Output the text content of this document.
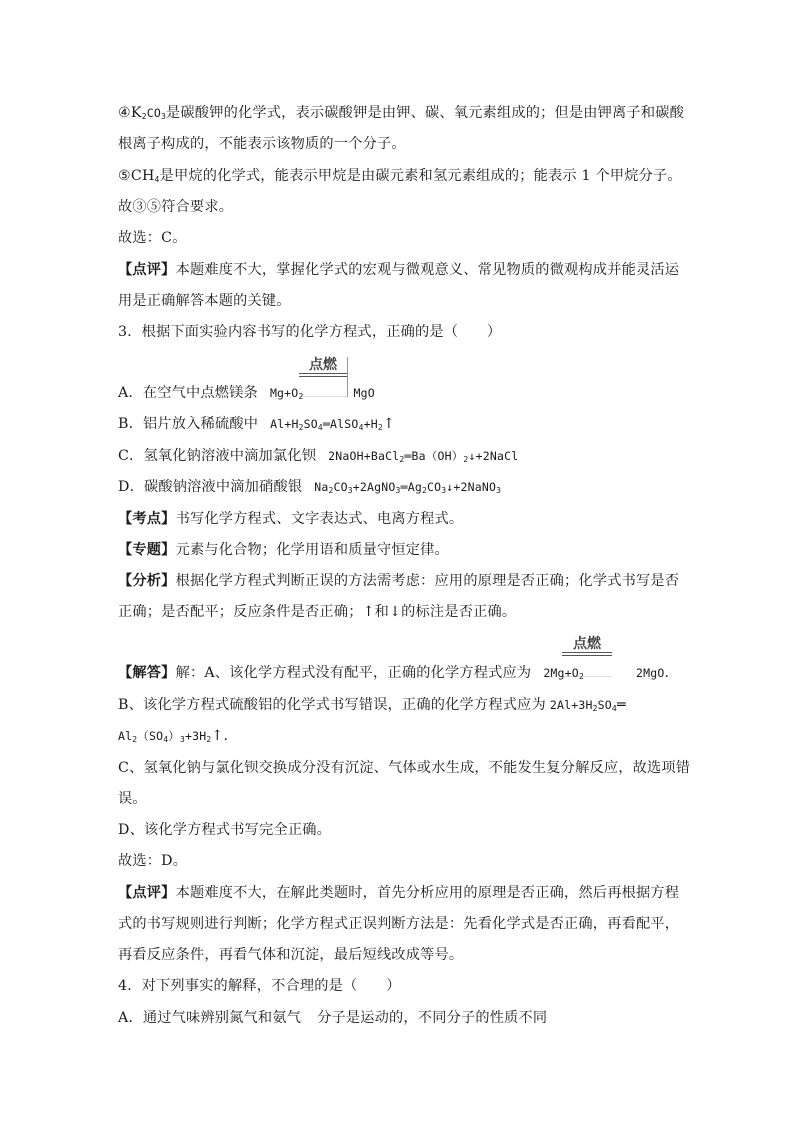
④K2CO3是碳酸钾的化学式，表示碳酸钾是由钾、碳、氧元素组成的；但是由钾离子和碳酸
根离子构成的，不能表示该物质的一个分子。
⑤CH4是甲烷的化学式，能表示甲烷是由碳元素和氢元素组成的；能表示 1 个甲烷分子。
故③⑤符合要求。
故选：C。
【点评】本题难度不大，掌握化学式的宏观与微观意义、常见物质的微观构成并能灵活运
用是正确解答本题的关键。
3．根据下面实验内容书写的化学方程式，正确的是（　　）
点燃
A．在空气中点燃镁条 Mg+O2	MgO
B．铝片放入稀硫酸中 Al+H2SO4═AlSO4+H2↑
C．氢氧化钠溶液中滴加氯化钡 2NaOH+BaCl2═Ba（OH）2↓+2NaCl
D．碳酸钠溶液中滴加硝酸银 Na2CO3+2AgNO3═Ag2CO3↓+2NaNO3
【考点】书写化学方程式、文字表达式、电离方程式。
【专题】元素与化合物；化学用语和质量守恒定律。
【分析】根据化学方程式判断正误的方法需考虑：应用的原理是否正确；化学式书写是否
正确；是否配平；反应条件是否正确；↑和↓的标注是否正确。
点燃
【解答】解：A、该化学方程式没有配平，正确的化学方程式应为 2Mg+O2	2MgO.
B、该化学方程式硫酸铝的化学式书写错误，正确的化学方程式应为 2Al+3H2SO4═
Al2（SO4）3+3H2↑.
C、氢氧化钠与氯化钡交换成分没有沉淀、气体或水生成，不能发生复分解反应，故选项错
误。
D、该化学方程式书写完全正确。
故选：D。
【点评】本题难度不大，在解此类题时，首先分析应用的原理是否正确，然后再根据方程
式的书写规则进行判断；化学方程式正误判断方法是：先看化学式是否正确，再看配平，
再看反应条件，再看气体和沉淀，最后短线改成等号。
4．对下列事实的解释，不合理的是（　　）
A．通过气味辨别氮气和氨气 分子是运动的，不同分子的性质不同
